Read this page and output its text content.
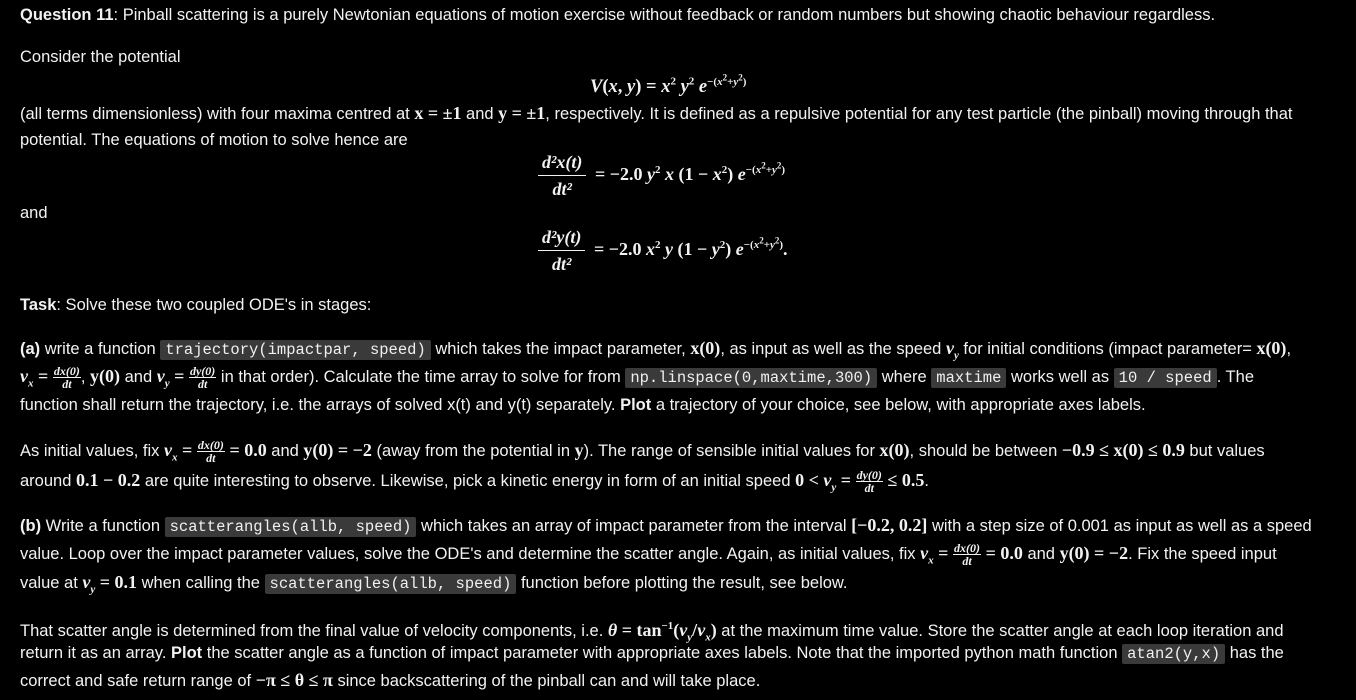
Question 11: Pinball scattering is a purely Newtonian equations of motion exercise without feedback or random numbers but showing chaotic behaviour regardless.
Consider the potential
V(x, $y) = x^2$ $y^2$ $e^{-(x^2+y^2)}$
(all terms dimensionless) with four maxima centred at x = ±1 and y = ±1, respectively. It is defined as a repulsive potential for any test particle (the pinball) moving through that
potential. The equations of motion to solve hence are
$\frac{\text{d²x(t)}}{\text{dt²}} = -2.0$ $y^2$ x $(1 - x^2)$ $e^{-(x^2+y^2)}$
and
$\frac{\text{d²y(t)}}{\text{dt²}} = -2.0$ $x^2$ y $(1 - y^2)$ $e^{-(x^2+y^2)}$.
Task: Solve these two coupled ODE's in stages:
(a) write a function trajectory(impactpar, speed) which takes the impact parameter, x(0), as input as well as the speed $v_y$ for initial conditions (impact parameter= x(0),
$v_x = \frac{dx(0)}{dt}$ , y(0) and $v_y = \frac{dy(0)}{dt}$ in that order). Calculate the time array to solve for from np.linspace(0,maxtime,300) where maxtime works well as 10 / speed . The
function shall return the trajectory, i.e. the arrays of solved x(t) and y(t) separately. Plot a trajectory of your choice, see below, with appropriate axes labels.
As initial values, fix $v_x = \frac{dx(0)}{dt} = 0.0$ and y(0) = −2 (away from the potential in y). The range of sensible initial values for x(0), should be between −0.9 ≤ x(0) ≤ 0.9 but values
around 0.1 − 0.2 are quite interesting to observe. Likewise, pick a kinetic energy in form of an initial speed $0 < v_y = \frac{dy(0)}{dt} \le 0.5$.
(b) Write a function scatterangles(allb, speed) which takes an array of impact parameter from the interval [−0.2, 0.2] with a step size of 0.001 as input as well as a speed
value. Loop over the impact parameter values, solve the ODE's and determine the scatter angle. Again, as initial values, fix $v_x = \frac{dx(0)}{dt} = 0.0$ and y(0) = −2. Fix the speed input
value at $v_y = 0.1$ when calling the scatterangles(allb, speed) function before plotting the result, see below.
That scatter angle is determined from the final value of velocity components, i.e. $\theta = \tan^{-1}(v_y/v_x)$ at the maximum time value. Store the scatter angle at each loop iteration and
return it as an array. Plot the scatter angle as a function of impact parameter with appropriate axes labels. Note that the imported python math function atan2(y,x) has the
correct and safe return range of −π ≤ θ ≤ π since backscattering of the pinball can and will take place.
